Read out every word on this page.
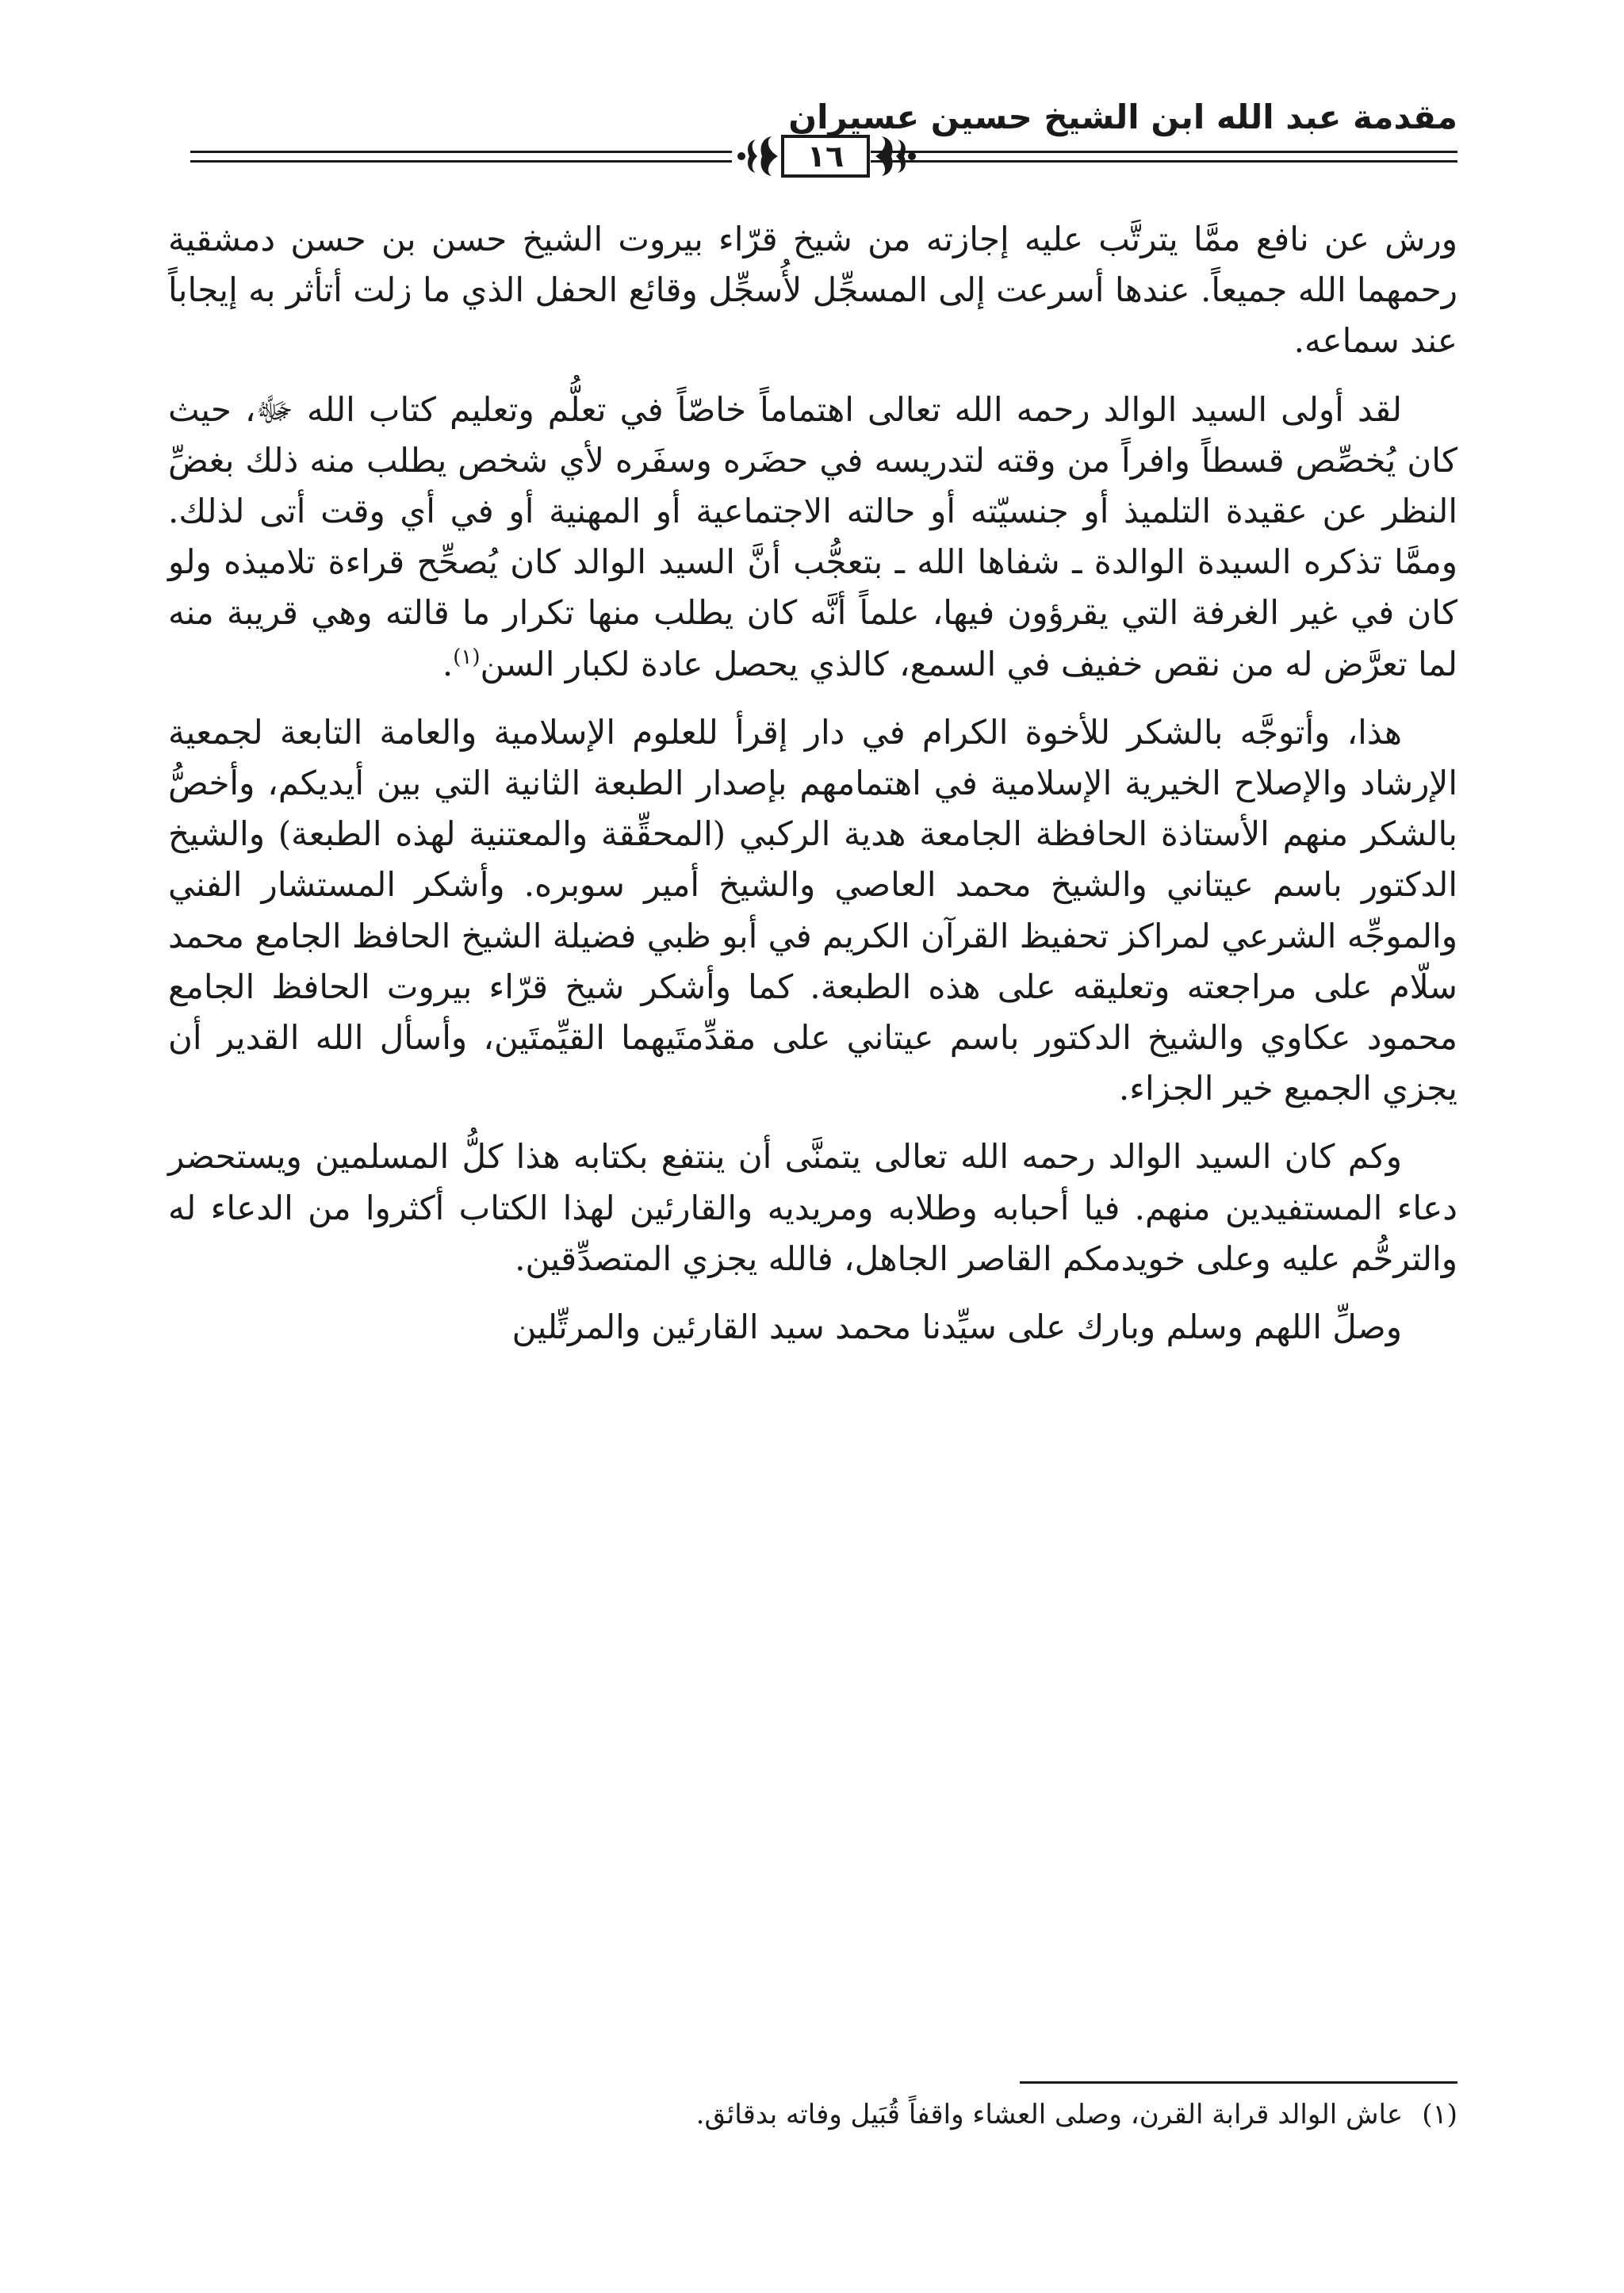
مقدمة عبد الله ابن الشيخ حسين عسيران
١٦

ورش عن نافع ممَّا يترتَّب عليه إجازته من شيخ قرّاء بيروت الشيخ حسن بن حسن دمشقية رحمهما الله جميعاً. عندها أسرعت إلى المسجِّل لأُسجِّل وقائع الحفل الذي ما زلت أتأثر به إيجاباً عند سماعه.

لقد أولى السيد الوالد رحمه الله تعالى اهتماماً خاصّاً في تعلُّم وتعليم كتاب الله ﷻ، حيث كان يُخصِّص قسطاً وافراً من وقته لتدريسه في حضَره وسفَره لأي شخص يطلب منه ذلك بغضِّ النظر عن عقيدة التلميذ أو جنسيّته أو حالته الاجتماعية أو المهنية أو في أي وقت أتى لذلك. وممَّا تذكره السيدة الوالدة ـ شفاها الله ـ بتعجُّب أنَّ السيد الوالد كان يُصحِّح قراءة تلاميذه ولو كان في غير الغرفة التي يقرؤون فيها، علماً أنَّه كان يطلب منها تكرار ما قالته وهي قريبة منه لما تعرَّض له من نقص خفيف في السمع، كالذي يحصل عادة لكبار السن$^{(١)}$.

هذا، وأتوجَّه بالشكر للأخوة الكرام في دار إقرأ للعلوم الإسلامية والعامة التابعة لجمعية الإرشاد والإصلاح الخيرية الإسلامية في اهتمامهم بإصدار الطبعة الثانية التي بين أيديكم، وأخصُّ بالشكر منهم الأستاذة الحافظة الجامعة هدية الركبي (المحقِّقة والمعتنية لهذه الطبعة) والشيخ الدكتور باسم عيتاني والشيخ محمد العاصي والشيخ أمير سوبره. وأشكر المستشار الفني والموجِّه الشرعي لمراكز تحفيظ القرآن الكريم في أبو ظبي فضيلة الشيخ الحافظ الجامع محمد سلّام على مراجعته وتعليقه على هذه الطبعة. كما وأشكر شيخ قرّاء بيروت الحافظ الجامع محمود عكاوي والشيخ الدكتور باسم عيتاني على مقدِّمتَيهما القيِّمتَين، وأسأل الله القدير أن يجزي الجميع خير الجزاء.

وكم كان السيد الوالد رحمه الله تعالى يتمنَّى أن ينتفع بكتابه هذا كلُّ المسلمين ويستحضر دعاء المستفيدين منهم. فيا أحبابه وطلابه ومريديه والقارئين لهذا الكتاب أكثروا من الدعاء له والترحُّم عليه وعلى خويدمكم القاصر الجاهل، فالله يجزي المتصدِّقين.

وصلِّ اللهم وسلم وبارك على سيِّدنا محمد سيد القارئين والمرتِّلين

(١)عاش الوالد قرابة القرن، وصلى العشاء واقفاً قُبَيل وفاته بدقائق.
